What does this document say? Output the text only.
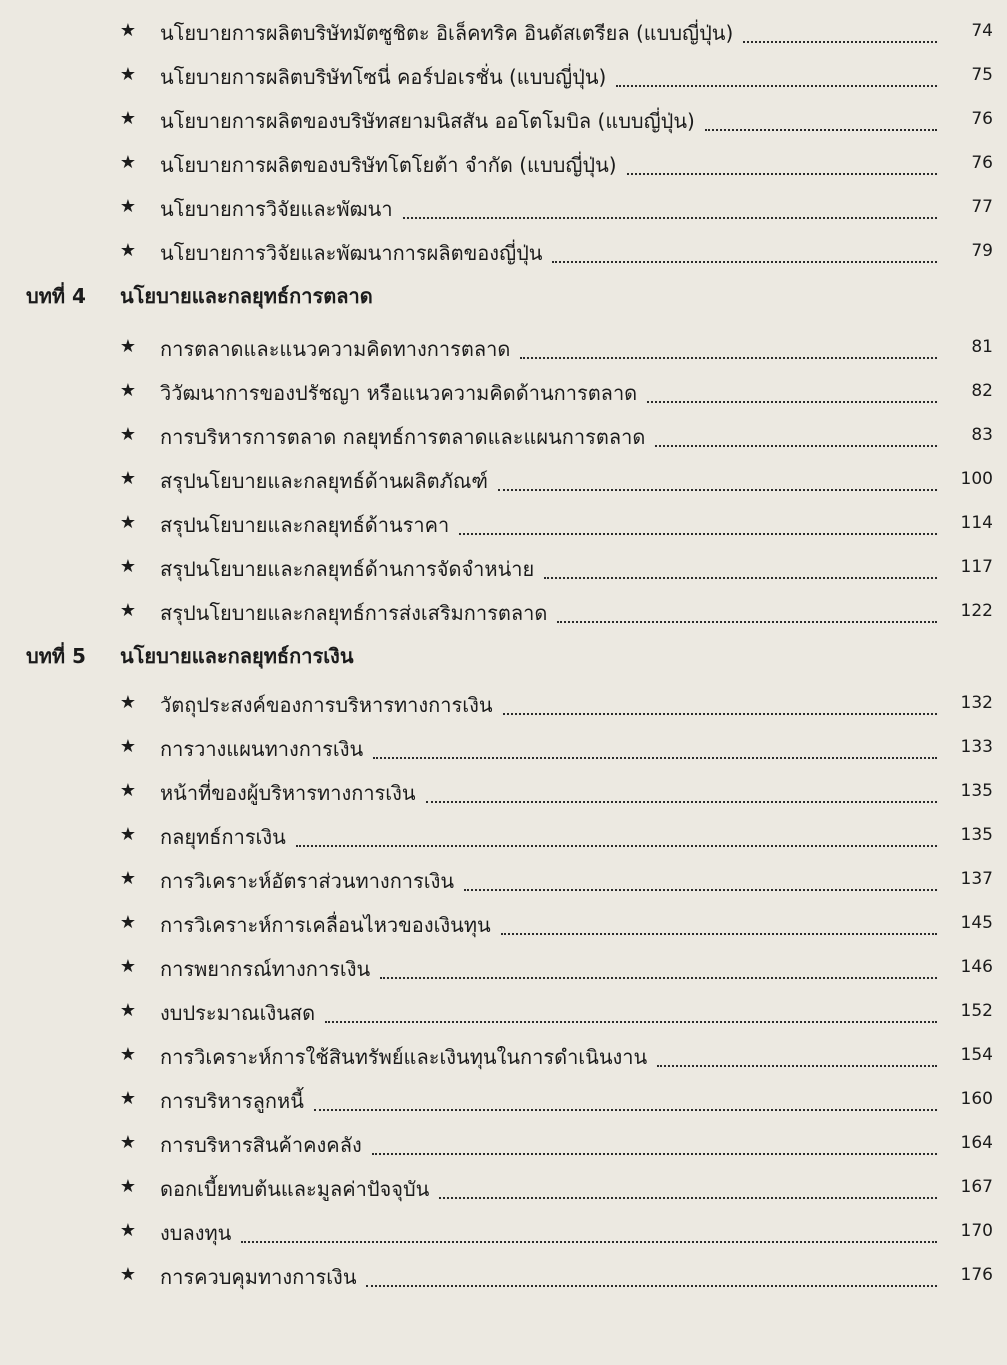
★ นโยบายการผลิตบริษัทมัตซูชิตะ อิเล็คทริค อินดัสเตรียล (แบบญี่ปุ่น)	74
★ นโยบายการผลิตบริษัทโซนี่ คอร์ปอเรชั่น (แบบญี่ปุ่น)	75
★ นโยบายการผลิตของบริษัทสยามนิสสัน ออโตโมบิล (แบบญี่ปุ่น)	76
★ นโยบายการผลิตของบริษัทโตโยต้า จำกัด (แบบญี่ปุ่น)	76
★ นโยบายการวิจัยและพัฒนา	77
★ นโยบายการวิจัยและพัฒนาการผลิตของญี่ปุ่น	79
บทที่ 4 นโยบายและกลยุทธ์การตลาด
★ การตลาดและแนวความคิดทางการตลาด	81
★ วิวัฒนาการของปรัชญา หรือแนวความคิดด้านการตลาด	82
★ การบริหารการตลาด กลยุทธ์การตลาดและแผนการตลาด	83
★ สรุปนโยบายและกลยุทธ์ด้านผลิตภัณฑ์	100
★ สรุปนโยบายและกลยุทธ์ด้านราคา	114
★ สรุปนโยบายและกลยุทธ์ด้านการจัดจำหน่าย	117
★ สรุปนโยบายและกลยุทธ์การส่งเสริมการตลาด	122
บทที่ 5 นโยบายและกลยุทธ์การเงิน
★ วัตถุประสงค์ของการบริหารทางการเงิน	132
★ การวางแผนทางการเงิน	133
★ หน้าที่ของผู้บริหารทางการเงิน	135
★ กลยุทธ์การเงิน	135
★ การวิเคราะห์อัตราส่วนทางการเงิน	137
★ การวิเคราะห์การเคลื่อนไหวของเงินทุน	145
★ การพยากรณ์ทางการเงิน	146
★ งบประมาณเงินสด	152
★ การวิเคราะห์การใช้สินทรัพย์และเงินทุนในการดำเนินงาน	154
★ การบริหารลูกหนี้	160
★ การบริหารสินค้าคงคลัง	164
★ ดอกเบี้ยทบต้นและมูลค่าปัจจุบัน	167
★ งบลงทุน	170
★ การควบคุมทางการเงิน	176
